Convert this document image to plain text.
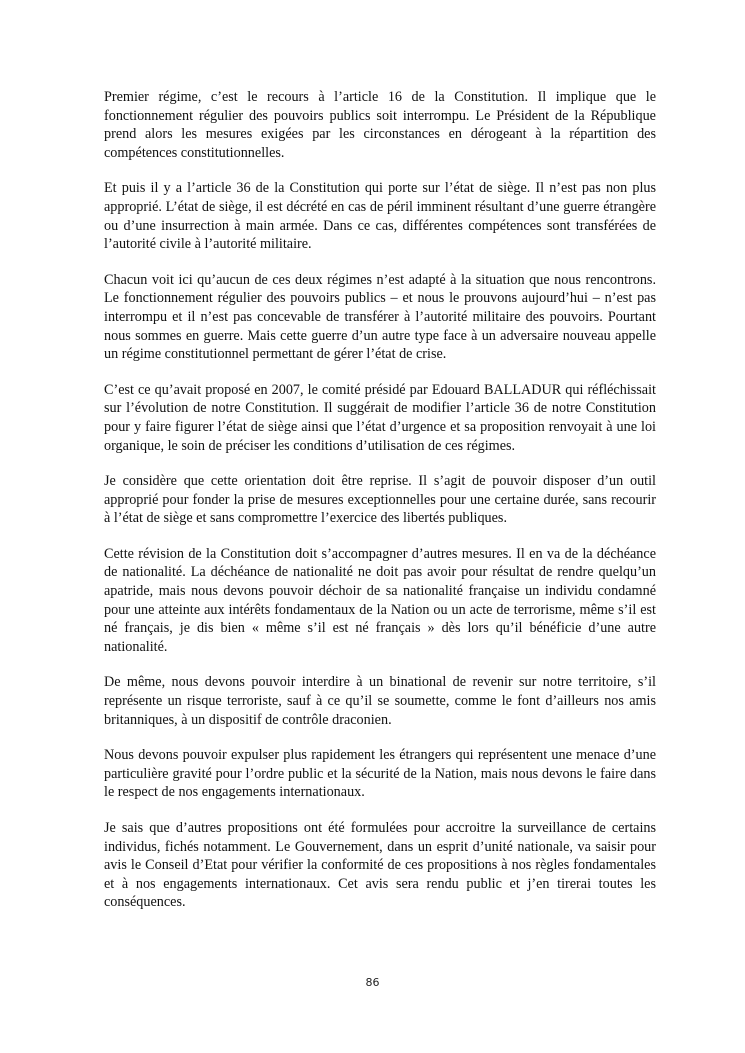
Premier régime, c’est le recours à l’article 16 de la Constitution. Il implique que le fonctionnement régulier des pouvoirs publics soit interrompu. Le Président de la République prend alors les mesures exigées par les circonstances en dérogeant à la répartition des compétences constitutionnelles.

Et puis il y a l’article 36 de la Constitution qui porte sur l’état de siège. Il n’est pas non plus approprié. L’état de siège, il est décrété en cas de péril imminent résultant d’une guerre étrangère ou d’une insurrection à main armée. Dans ce cas, différentes compétences sont transférées de l’autorité civile à l’autorité militaire.

Chacun voit ici qu’aucun de ces deux régimes n’est adapté à la situation que nous rencontrons. Le fonctionnement régulier des pouvoirs publics – et nous le prouvons aujourd’hui – n’est pas interrompu et il n’est pas concevable de transférer à l’autorité militaire des pouvoirs. Pourtant nous sommes en guerre. Mais cette guerre d’un autre type face à un adversaire nouveau appelle un régime constitutionnel permettant de gérer l’état de crise.

C’est ce qu’avait proposé en 2007, le comité présidé par Edouard BALLADUR qui réfléchissait sur l’évolution de notre Constitution. Il suggérait de modifier l’article 36 de notre Constitution pour y faire figurer l’état de siège ainsi que l’état d’urgence et sa proposition renvoyait à une loi organique, le soin de préciser les conditions d’utilisation de ces régimes.

Je considère que cette orientation doit être reprise. Il s’agit de pouvoir disposer d’un outil approprié pour fonder la prise de mesures exceptionnelles pour une certaine durée, sans recourir à l’état de siège et sans compromettre l’exercice des libertés publiques.

Cette révision de la Constitution doit s’accompagner d’autres mesures. Il en va de la déchéance de nationalité. La déchéance de nationalité ne doit pas avoir pour résultat de rendre quelqu’un apatride, mais nous devons pouvoir déchoir de sa nationalité française un individu condamné pour une atteinte aux intérêts fondamentaux de la Nation ou un acte de terrorisme, même s’il est né français, je dis bien « même s’il est né français » dès lors qu’il bénéficie d’une autre nationalité.

De même, nous devons pouvoir interdire à un binational de revenir sur notre territoire, s’il représente un risque terroriste, sauf à ce qu’il se soumette, comme le font d’ailleurs nos amis britanniques, à un dispositif de contrôle draconien.

Nous devons pouvoir expulser plus rapidement les étrangers qui représentent une menace d’une particulière gravité pour l’ordre public et la sécurité de la Nation, mais nous devons le faire dans le respect de nos engagements internationaux.

Je sais que d’autres propositions ont été formulées pour accroitre la surveillance de certains individus, fichés notamment. Le Gouvernement, dans un esprit d’unité nationale, va saisir pour avis le Conseil d’Etat pour vérifier la conformité de ces propositions à nos règles fondamentales et à nos engagements internationaux. Cet avis sera rendu public et j’en tirerai toutes les conséquences.

86
